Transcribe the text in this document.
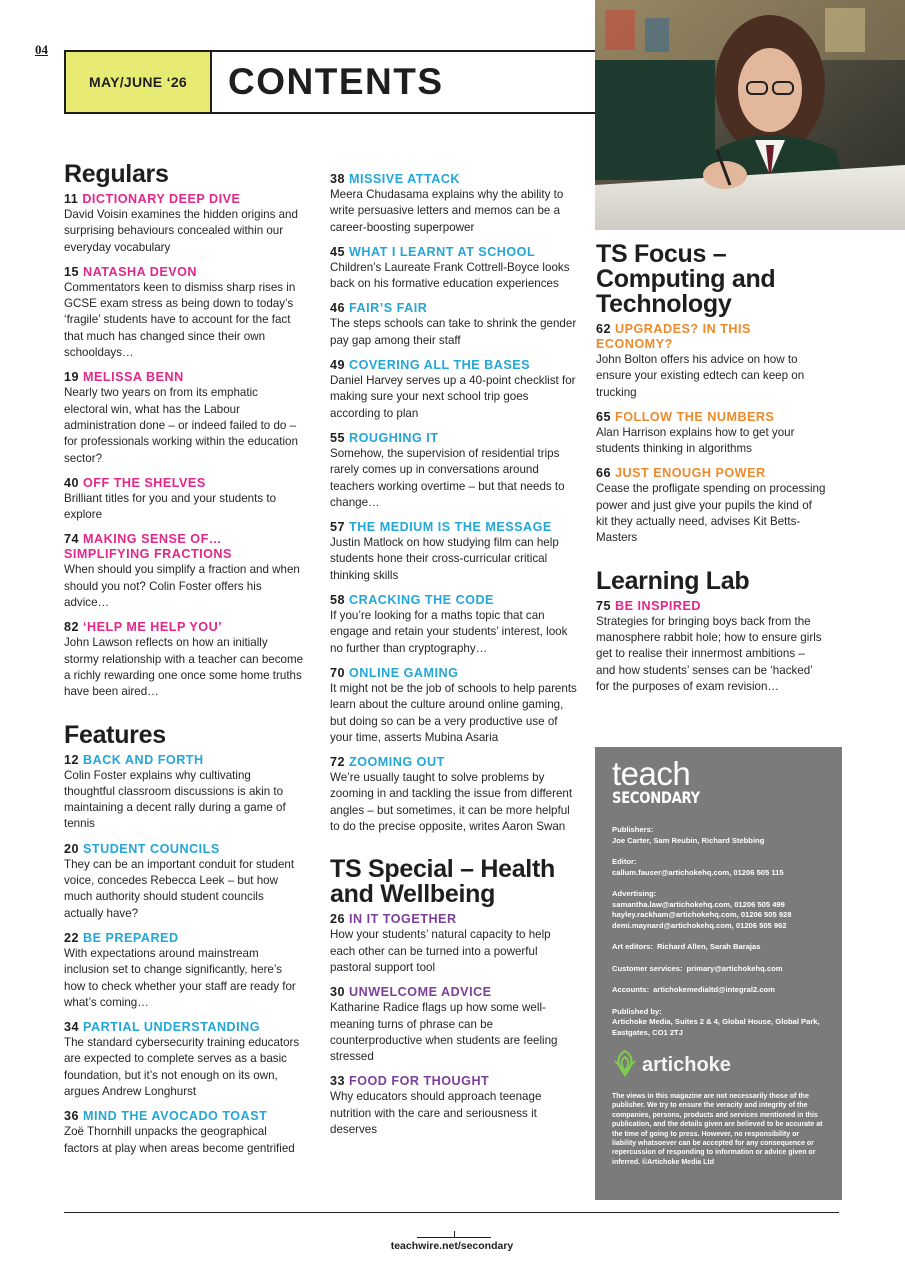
04
MAY/JUNE ‘26	CONTENTS
Regulars
11 DICTIONARY DEEP DIVE
David Voisin examines the hidden origins and surprising behaviours concealed within our everyday vocabulary
15 NATASHA DEVON
Commentators keen to dismiss sharp rises in GCSE exam stress as being down to today’s ‘fragile’ students have to account for the fact that much has changed since their own schooldays…
19 MELISSA BENN
Nearly two years on from its emphatic electoral win, what has the Labour administration done – or indeed failed to do – for professionals working within the education sector?
40 OFF THE SHELVES
Brilliant titles for you and your students to explore
74 MAKING SENSE OF… SIMPLIFYING FRACTIONS
When should you simplify a fraction and when should you not? Colin Foster offers his advice…
82 ‘HELP ME HELP YOU’
John Lawson reflects on how an initially stormy relationship with a teacher can become a richly rewarding one once some home truths have been aired…
Features
12 BACK AND FORTH
Colin Foster explains why cultivating thoughtful classroom discussions is akin to maintaining a decent rally during a game of tennis
20 STUDENT COUNCILS
They can be an important conduit for student voice, concedes Rebecca Leek – but how much authority should student councils actually have?
22 BE PREPARED
With expectations around mainstream inclusion set to change significantly, here’s how to check whether your staff are ready for what’s coming…
34 PARTIAL UNDERSTANDING
The standard cybersecurity training educators are expected to complete serves as a basic foundation, but it’s not enough on its own, argues Andrew Longhurst
36 MIND THE AVOCADO TOAST
Zoë Thornhill unpacks the geographical factors at play when areas become gentrified
38 MISSIVE ATTACK
Meera Chudasama explains why the ability to write persuasive letters and memos can be a career-boosting superpower
45 WHAT I LEARNT AT SCHOOL
Children’s Laureate Frank Cottrell-Boyce looks back on his formative education experiences
46 FAIR’S FAIR
The steps schools can take to shrink the gender pay gap among their staff
49 COVERING ALL THE BASES
Daniel Harvey serves up a 40-point checklist for making sure your next school trip goes according to plan
55 ROUGHING IT
Somehow, the supervision of residential trips rarely comes up in conversations around teachers working overtime – but that needs to change…
57 THE MEDIUM IS THE MESSAGE
Justin Matlock on how studying film can help students hone their cross-curricular critical thinking skills
58 CRACKING THE CODE
If you’re looking for a maths topic that can engage and retain your students’ interest, look no further than cryptography…
70 ONLINE GAMING
It might not be the job of schools to help parents learn about the culture around online gaming, but doing so can be a very productive use of your time, asserts Mubina Asaria
72 ZOOMING OUT
We’re usually taught to solve problems by zooming in and tackling the issue from different angles – but sometimes, it can be more helpful to do the precise opposite, writes Aaron Swan
TS Special – Health and Wellbeing
26 IN IT TOGETHER
How your students’ natural capacity to help each other can be turned into a powerful pastoral support tool
30 UNWELCOME ADVICE
Katharine Radice flags up how some well-meaning turns of phrase can be counterproductive when students are feeling stressed
33 FOOD FOR THOUGHT
Why educators should approach teenage nutrition with the care and seriousness it deserves
TS Focus – Computing and Technology
62 UPGRADES? IN THIS ECONOMY?
John Bolton offers his advice on how to ensure your existing edtech can keep on trucking
65 FOLLOW THE NUMBERS
Alan Harrison explains how to get your students thinking in algorithms
66 JUST ENOUGH POWER
Cease the profligate spending on processing power and just give your pupils the kind of kit they actually need, advises Kit Betts-Masters
Learning Lab
75 BE INSPIRED
Strategies for bringing boys back from the manosphere rabbit hole; how to ensure girls get to realise their innermost ambitions – and how students’ senses can be ‘hacked’ for the purposes of exam revision…
teach
SECONDARY
Publishers:
Joe Carter, Sam Reubin, Richard Stebbing
Editor:
callum.fauser@artichokehq.com, 01206 505 115
Advertising:
samantha.law@artichokehq.com, 01206 505 499
hayley.rackham@artichokehq.com, 01206 505 928
demi.maynard@artichokehq.com, 01206 505 962
Art editors: Richard Allen, Sarah Barajas
Customer services: primary@artichokehq.com
Accounts: artichokemedialtd@integral2.com
Published by:
Artichoke Media, Suites 2 & 4, Global House, Global Park, Eastgates, CO1 2TJ
artichoke
The views in this magazine are not necessarily those of the publisher. We try to ensure the veracity and integrity of the companies, persons, products and services mentioned in this publication, and the details given are believed to be accurate at the time of going to press. However, no responsibility or liability whatsoever can be accepted for any consequence or repercussion of responding to information or advice given or inferred. ©Artichoke Media Ltd
teachwire.net/secondary
